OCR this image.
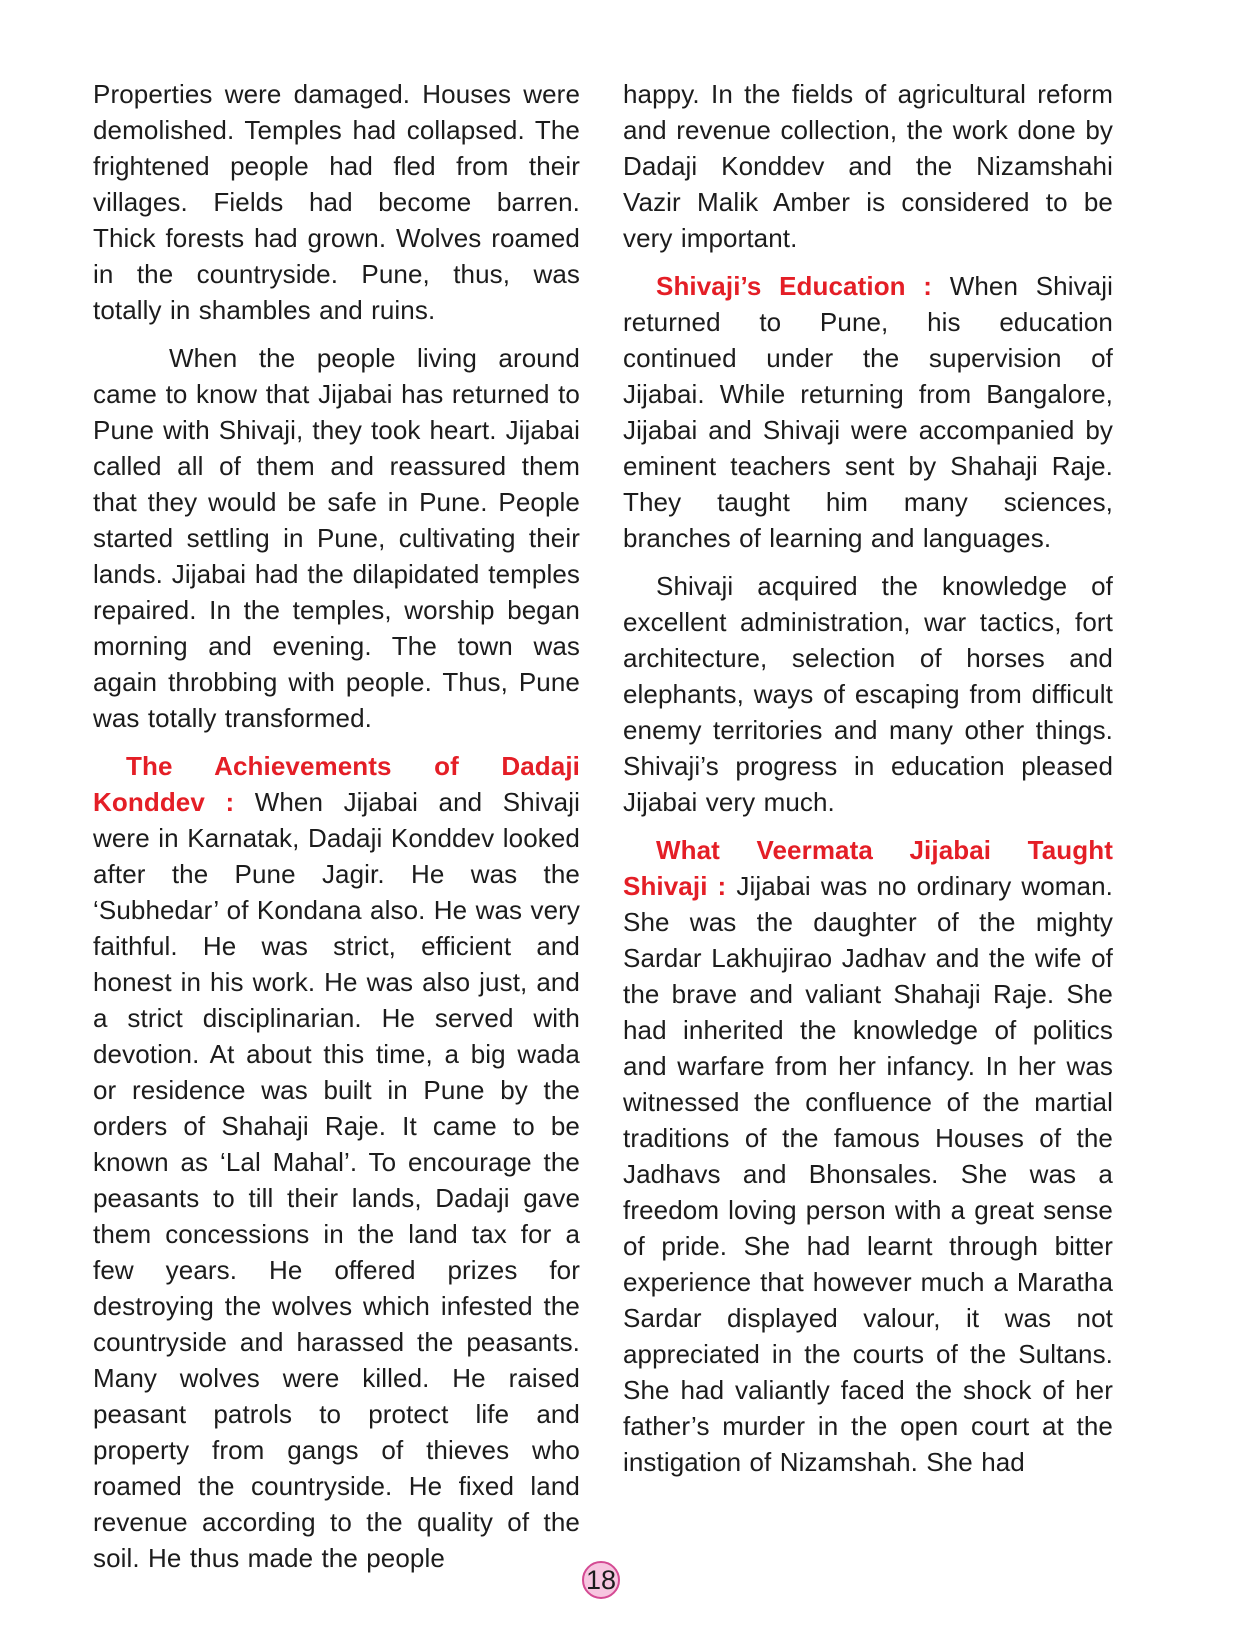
Properties were damaged. Houses were demolished. Temples had collapsed. The frightened people had fled from their villages. Fields had become barren. Thick forests had grown. Wolves roamed in the countryside. Pune, thus, was totally in shambles and ruins.

When the people living around came to know that Jijabai has returned to Pune with Shivaji, they took heart. Jijabai called all of them and reassured them that they would be safe in Pune. People started settling in Pune, cultivating their lands. Jijabai had the dilapidated temples repaired. In the temples, worship began morning and evening. The town was again throbbing with people. Thus, Pune was totally transformed.

The Achievements of Dadaji Konddev : When Jijabai and Shivaji were in Karnatak, Dadaji Konddev looked after the Pune Jagir. He was the ‘Subhedar’ of Kondana also. He was very faithful. He was strict, efficient and honest in his work. He was also just, and a strict disciplinarian. He served with devotion. At about this time, a big wada or residence was built in Pune by the orders of Shahaji Raje. It came to be known as ‘Lal Mahal’. To encourage the peasants to till their lands, Dadaji gave them concessions in the land tax for a few years. He offered prizes for destroying the wolves which infested the countryside and harassed the peasants. Many wolves were killed. He raised peasant patrols to protect life and property from gangs of thieves who roamed the countryside. He fixed land revenue according to the quality of the soil. He thus made the people

happy. In the fields of agricultural reform and revenue collection, the work done by Dadaji Konddev and the Nizamshahi Vazir Malik Amber is considered to be very important.

Shivaji’s Education : When Shivaji returned to Pune, his education continued under the supervision of Jijabai. While returning from Bangalore, Jijabai and Shivaji were accompanied by eminent teachers sent by Shahaji Raje. They taught him many sciences, branches of learning and languages.

Shivaji acquired the knowledge of excellent administration, war tactics, fort architecture, selection of horses and elephants, ways of escaping from difficult enemy territories and many other things. Shivaji’s progress in education pleased Jijabai very much.

What Veermata Jijabai Taught Shivaji : Jijabai was no ordinary woman. She was the daughter of the mighty Sardar Lakhujirao Jadhav and the wife of the brave and valiant Shahaji Raje. She had inherited the knowledge of politics and warfare from her infancy. In her was witnessed the confluence of the martial traditions of the famous Houses of the Jadhavs and Bhonsales. She was a freedom loving person with a great sense of pride. She had learnt through bitter experience that however much a Maratha Sardar displayed valour, it was not appreciated in the courts of the Sultans. She had valiantly faced the shock of her father’s murder in the open court at the instigation of Nizamshah. She had

18
